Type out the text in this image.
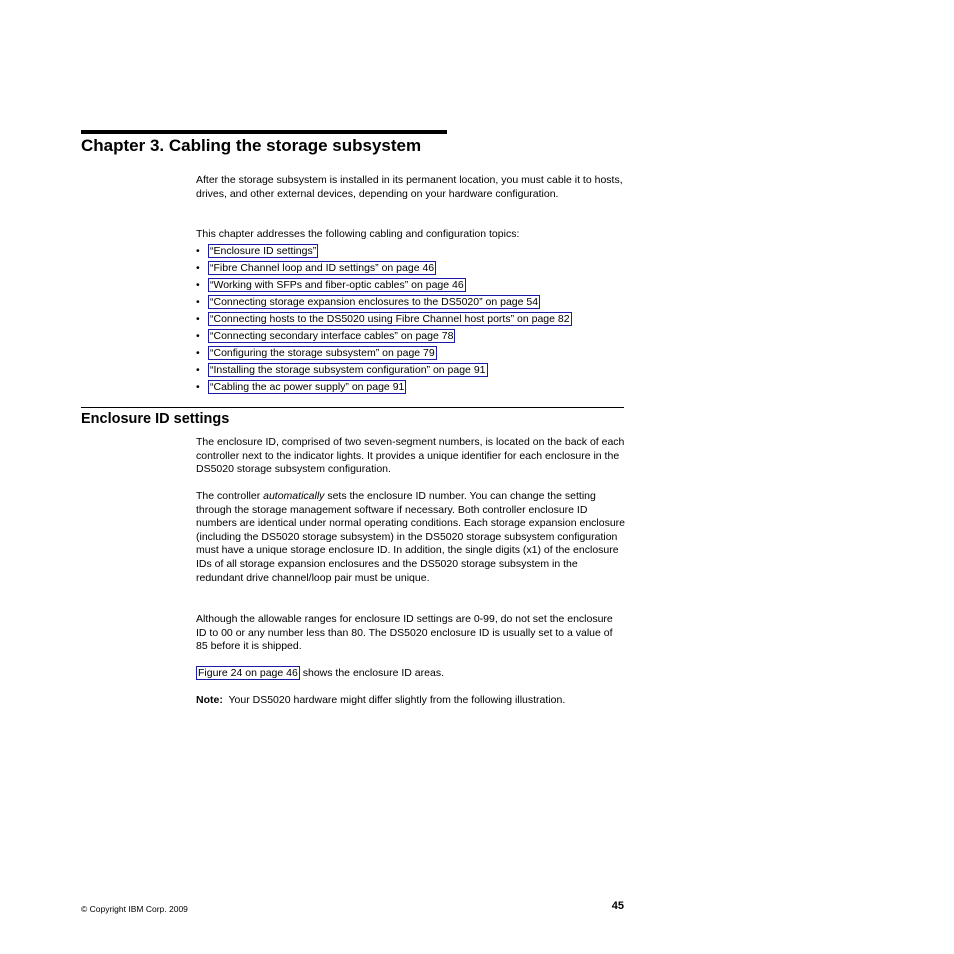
Chapter 3. Cabling the storage subsystem

After the storage subsystem is installed in its permanent location, you must cable it to hosts, drives, and other external devices, depending on your hardware configuration.

This chapter addresses the following cabling and configuration topics:

• “Enclosure ID settings”
• “Fibre Channel loop and ID settings” on page 46
• “Working with SFPs and fiber-optic cables” on page 46
• “Connecting storage expansion enclosures to the DS5020” on page 54
• “Connecting hosts to the DS5020 using Fibre Channel host ports” on page 82
• “Connecting secondary interface cables” on page 78
• “Configuring the storage subsystem” on page 79
• “Installing the storage subsystem configuration” on page 91
• “Cabling the ac power supply” on page 91
Enclosure ID settings

The enclosure ID, comprised of two seven-segment numbers, is located on the back of each controller next to the indicator lights. It provides a unique identifier for each enclosure in the DS5020 storage subsystem configuration.

The controller automatically sets the enclosure ID number. You can change the setting through the storage management software if necessary. Both controller enclosure ID numbers are identical under normal operating conditions. Each storage expansion enclosure (including the DS5020 storage subsystem) in the DS5020 storage subsystem configuration must have a unique storage enclosure ID. In addition, the single digits (x1) of the enclosure IDs of all storage expansion enclosures and the DS5020 storage subsystem in the redundant drive channel/loop pair must be unique.

Although the allowable ranges for enclosure ID settings are 0-99, do not set the enclosure ID to 00 or any number less than 80. The DS5020 enclosure ID is usually set to a value of 85 before it is shipped.

Figure 24 on page 46 shows the enclosure ID areas.

Note:  Your DS5020 hardware might differ slightly from the following illustration.

© Copyright IBM Corp. 2009	45
